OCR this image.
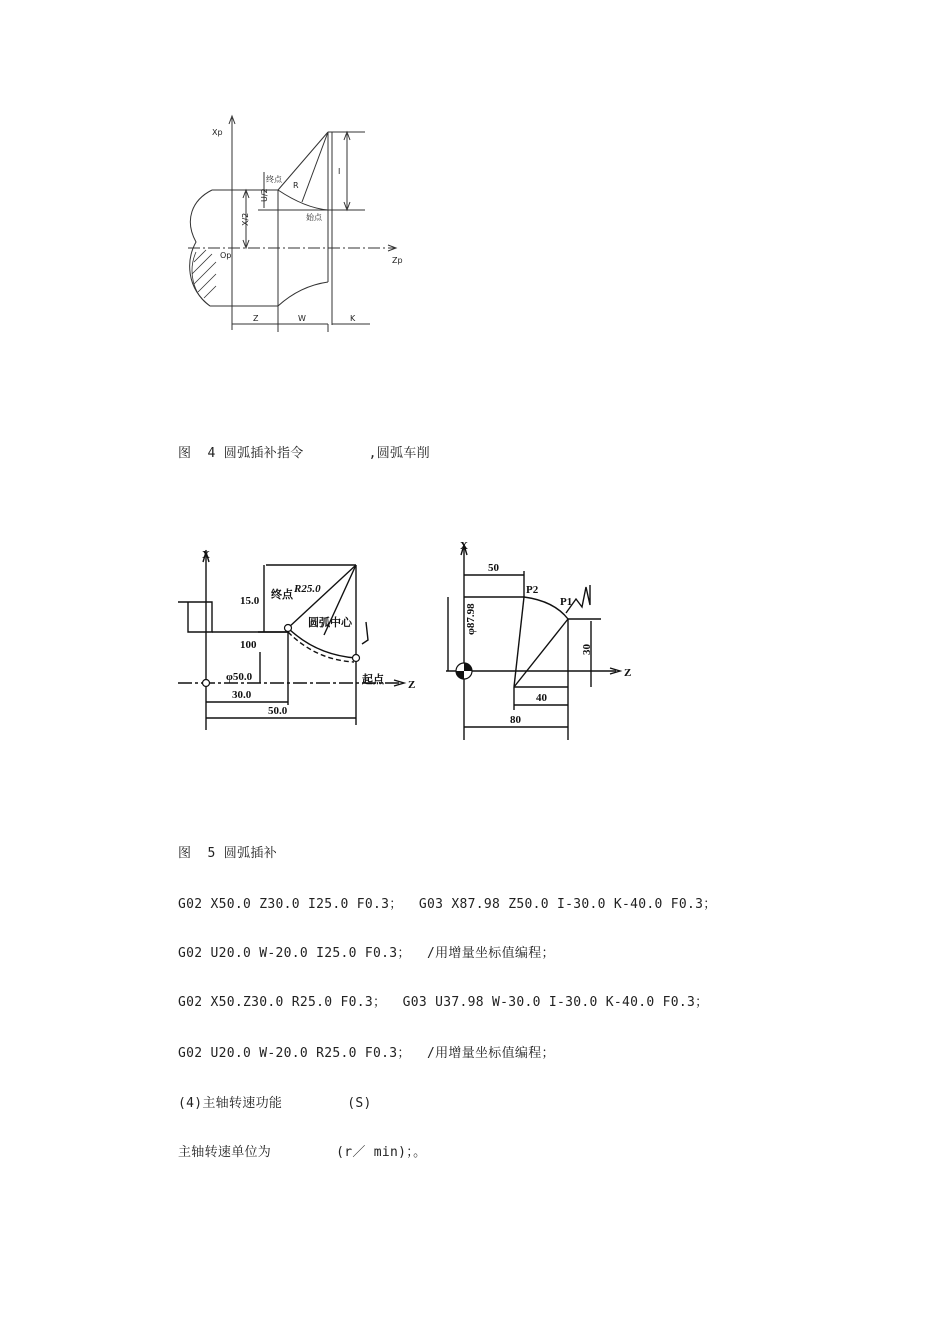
Xp
Zp
Op
终点
始点
R
I
U/2
X/2
Z	W	K
图  4 圆弧插补指令        ,圆弧车削
X
Z
R25.0
终点
圆弧中心
起点
15.0
100
φ50.0
30.0
50.0
X
Z
50
P2
P1
φ87.98
30
40
80
图  5 圆弧插补
G02 X50.0 Z30.0 I25.0 F0.3；  G03 X87.98 Z50.0 I-30.0 K-40.0 F0.3；
G02 U20.0 W-20.0 I25.0 F0.3；  /用增量坐标值编程；
G02 X50.Z30.0 R25.0 F0.3；  G03 U37.98 W-30.0 I-30.0 K-40.0 F0.3；
G02 U20.0 W-20.0 R25.0 F0.3；  /用增量坐标值编程；
(4)主轴转速功能        (S)
主轴转速单位为        (r／ min)；。
